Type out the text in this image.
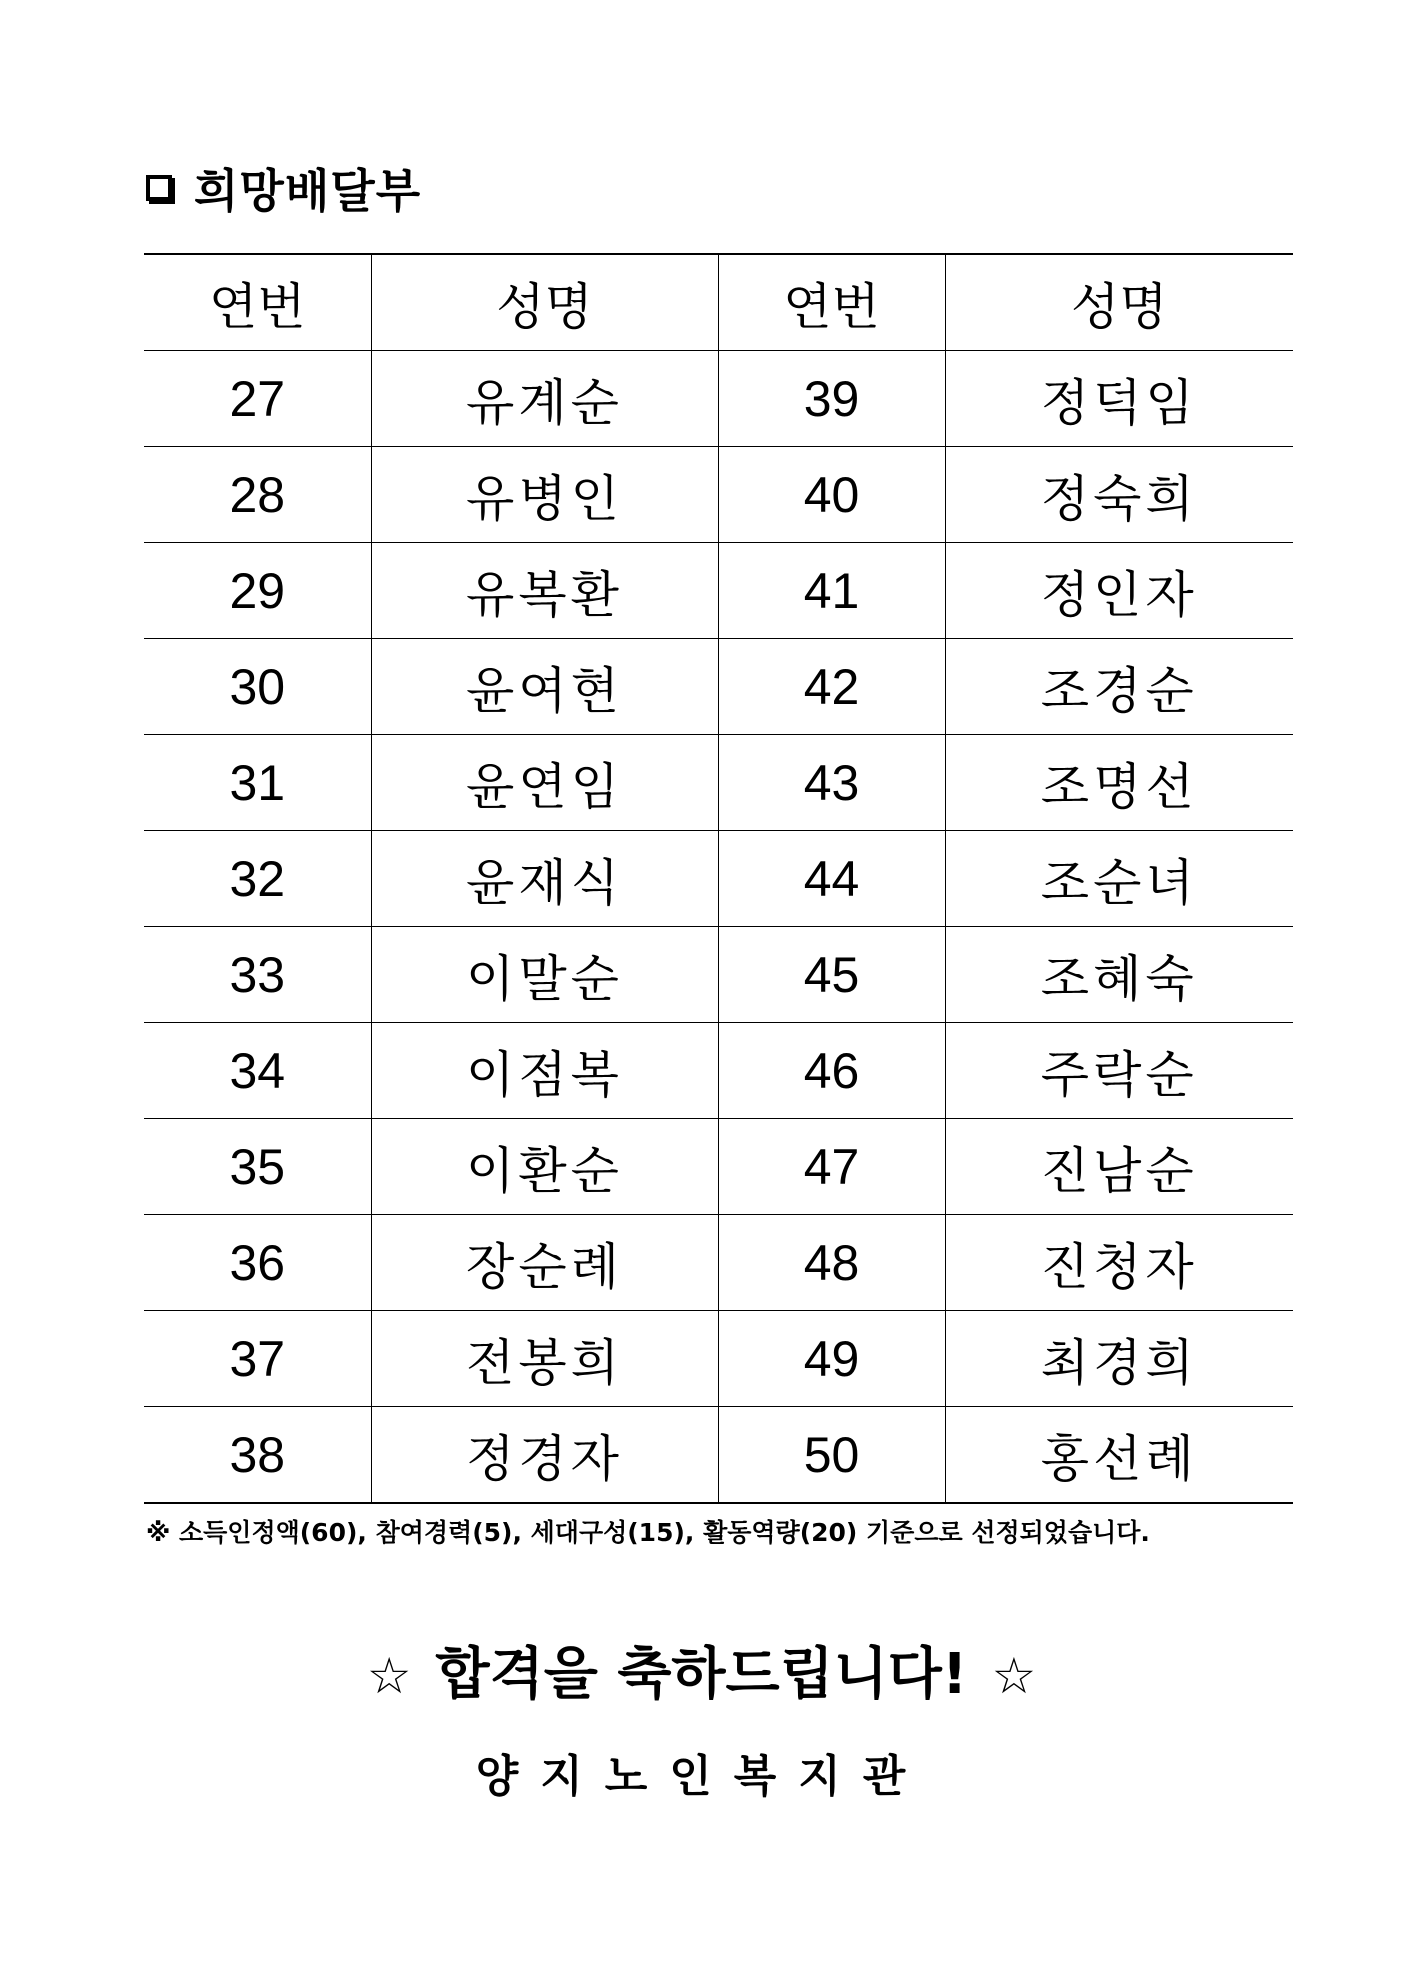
희망배달부
연번	성명	연번	성명
27	유계순	39	정덕임
28	유병인	40	정숙희
29	유복환	41	정인자
30	윤여현	42	조경순
31	윤연임	43	조명선
32	윤재식	44	조순녀
33	이말순	45	조혜숙
34	이점복	46	주락순
35	이환순	47	진남순
36	장순례	48	진청자
37	전봉희	49	최경희
38	정경자	50	홍선례
※ 소득인정액(60), 참여경력(5), 세대구성(15), 활동역량(20) 기준으로 선정되었습니다.
☆ 합격을 축하드립니다! ☆
양지노인복지관
